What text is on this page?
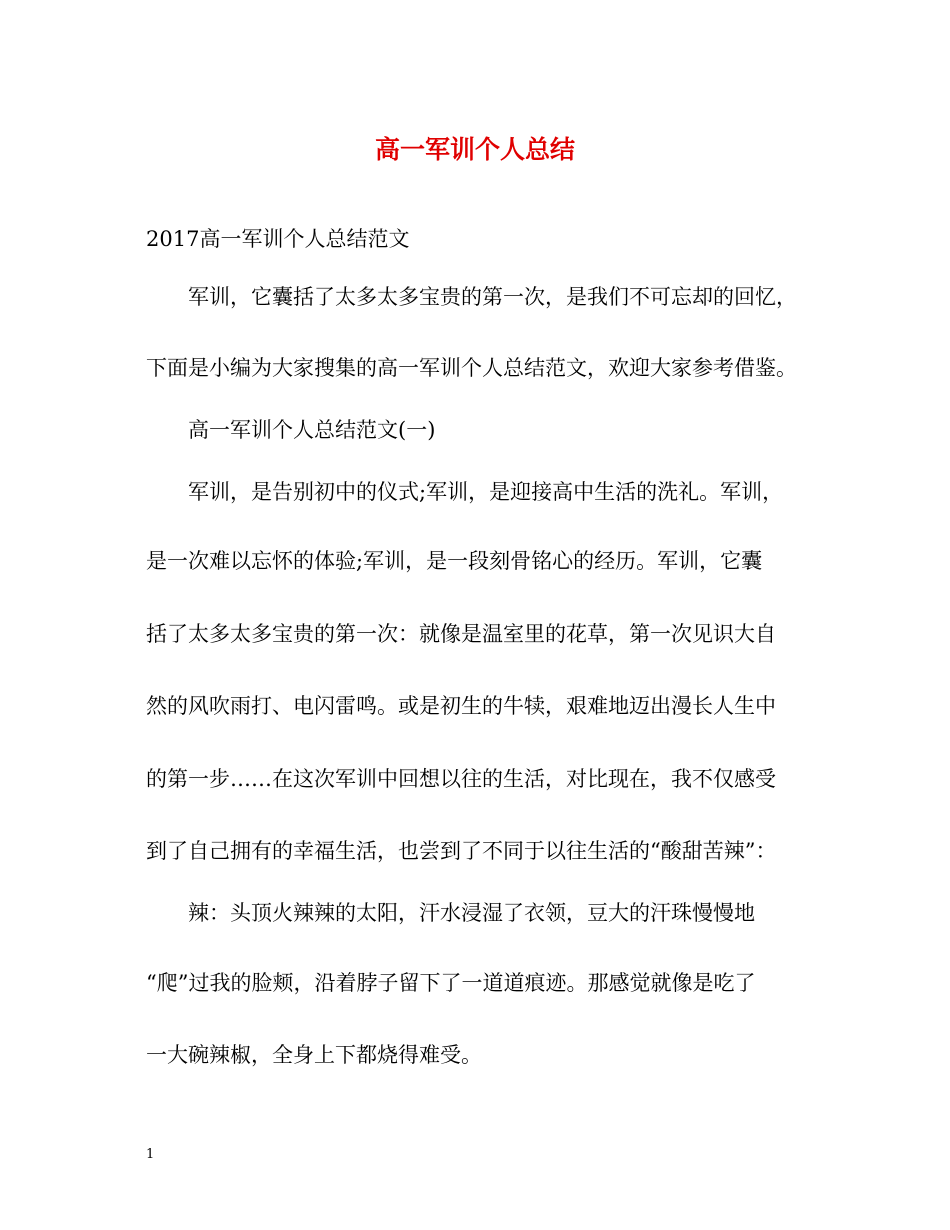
高一军训个人总结
2017高一军训个人总结范文
军训，它囊括了太多太多宝贵的第一次，是我们不可忘却的回忆，
下面是小编为大家搜集的高一军训个人总结范文，欢迎大家参考借鉴。
高一军训个人总结范文(一)
军训，是告别初中的仪式;军训，是迎接高中生活的洗礼。军训，
是一次难以忘怀的体验;军训，是一段刻骨铭心的经历。军训，它囊
括了太多太多宝贵的第一次：就像是温室里的花草，第一次见识大自
然的风吹雨打、电闪雷鸣。或是初生的牛犊，艰难地迈出漫长人生中
的第一步……在这次军训中回想以往的生活，对比现在，我不仅感受
到了自己拥有的幸福生活，也尝到了不同于以往生活的“酸甜苦辣”：
辣：头顶火辣辣的太阳，汗水浸湿了衣领，豆大的汗珠慢慢地
“爬”过我的脸颊，沿着脖子留下了一道道痕迹。那感觉就像是吃了
一大碗辣椒，全身上下都烧得难受。
1
